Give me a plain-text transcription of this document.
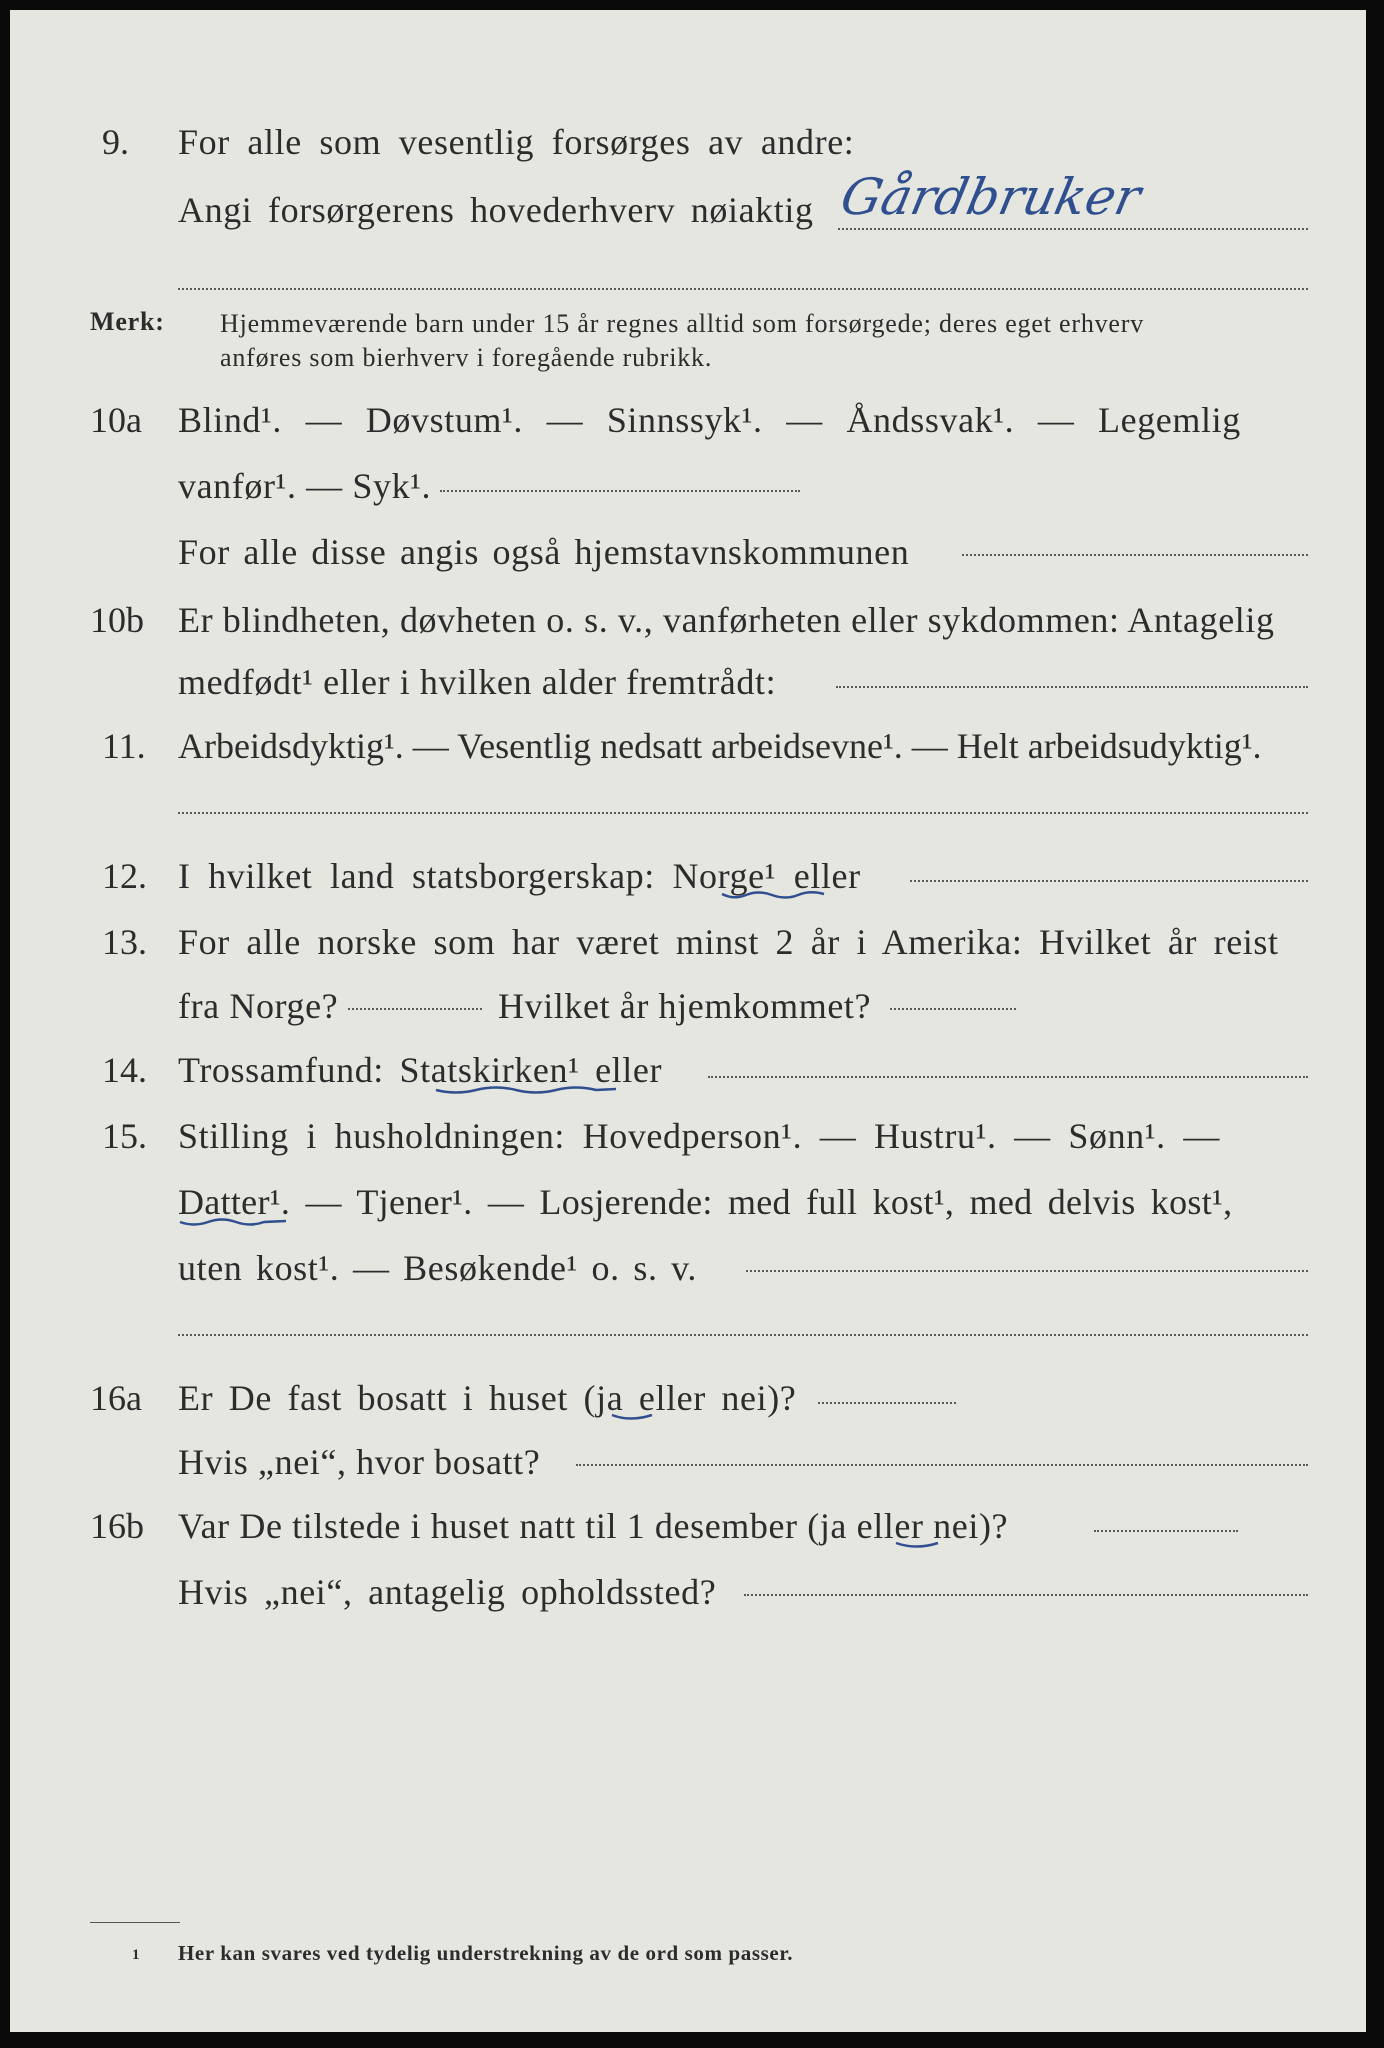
9. For alle som vesentlig forsørges av andre:
Angi forsørgerens hovederhverv nøiaktig Gårdbruker
Merk: Hjemmeværende barn under 15 år regnes alltid som forsørgede; deres eget erhverv
anføres som bierhverv i foregående rubrikk.
10a Blind¹. — Døvstum¹. — Sinnssyk¹. — Åndssvak¹. — Legemlig
vanfør¹. — Syk¹.
For alle disse angis også hjemstavnskommunen
10b Er blindheten, døvheten o. s. v., vanførheten eller sykdommen: Antagelig
medfødt¹ eller i hvilken alder fremtrådt:
11. Arbeidsdyktig¹. — Vesentlig nedsatt arbeidsevne¹. — Helt arbeidsudyktig¹.
12. I hvilket land statsborgerskap: Norge¹ eller
13. For alle norske som har været minst 2 år i Amerika: Hvilket år reist
fra Norge?	Hvilket år hjemkommet?
14. Trossamfund: Statskirken¹ eller
15. Stilling i husholdningen: Hovedperson¹. — Hustru¹. — Sønn¹. —
Datter¹. — Tjener¹. — Losjerende: med full kost¹, med delvis kost¹,
uten kost¹. — Besøkende¹ o. s. v.
16a Er De fast bosatt i huset (ja eller nei)?
Hvis „nei“, hvor bosatt?
16b Var De tilstede i huset natt til 1 desember (ja eller nei)?
Hvis „nei“, antagelig opholdssted?
1 Her kan svares ved tydelig understrekning av de ord som passer.
